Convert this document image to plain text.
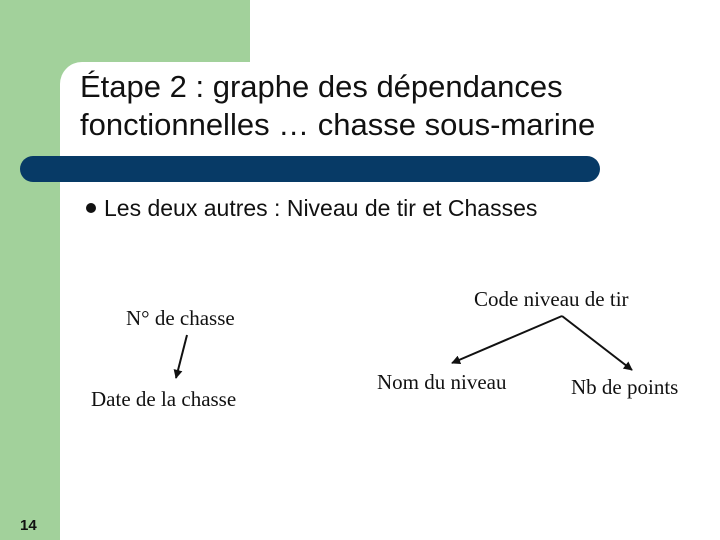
Étape 2 : graphe des dépendances
fonctionnelles … chasse sous-marine
Les deux autres : Niveau de tir et Chasses
N° de chasse
Date de la chasse
Code niveau de tir
Nom du niveau	Nb de points
14
